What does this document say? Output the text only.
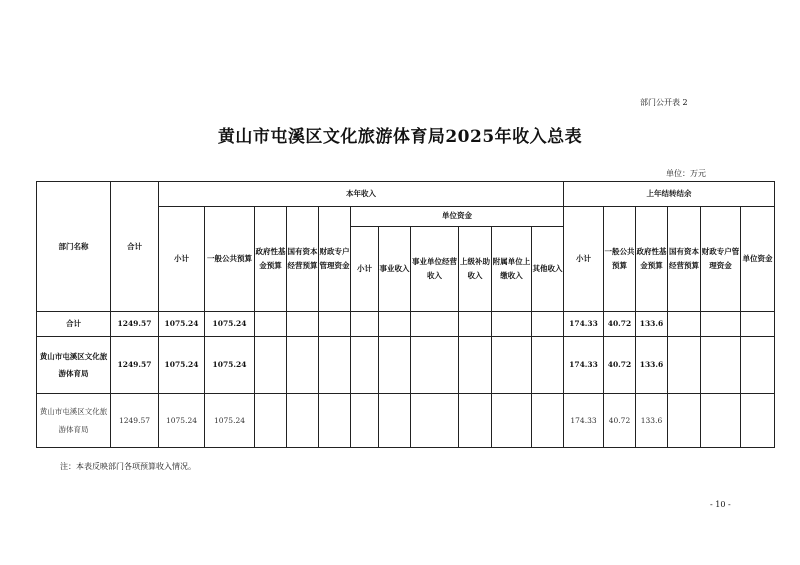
部门公开表 2
黄山市屯溪区文化旅游体育局2025年收入总表
单位：万元
部门名称	合计	本年收入											上年结转结余					

		小计	一般公共预算	政府性基金预算	国有资本经营预算	财政专户管理资金	单位资金						小计	一般公共预算	政府性基金预算	国有资本经营预算	财政专户管理资金	单位资金

							小计	事业收入	事业单位经营收入	上级补助收入	附属单位上缴收入	其他收入						

合计	1249.57	1075.24	1075.24										174.33	40.72	133.6			

黄山市屯溪区文化旅游体育局	1249.57	1075.24	1075.24										174.33	40.72	133.6			

黄山市屯溪区文化旅游体育局	1249.57	1075.24	1075.24										174.33	40.72	133.6			

注：本表反映部门各项预算收入情况。
- 10 -
